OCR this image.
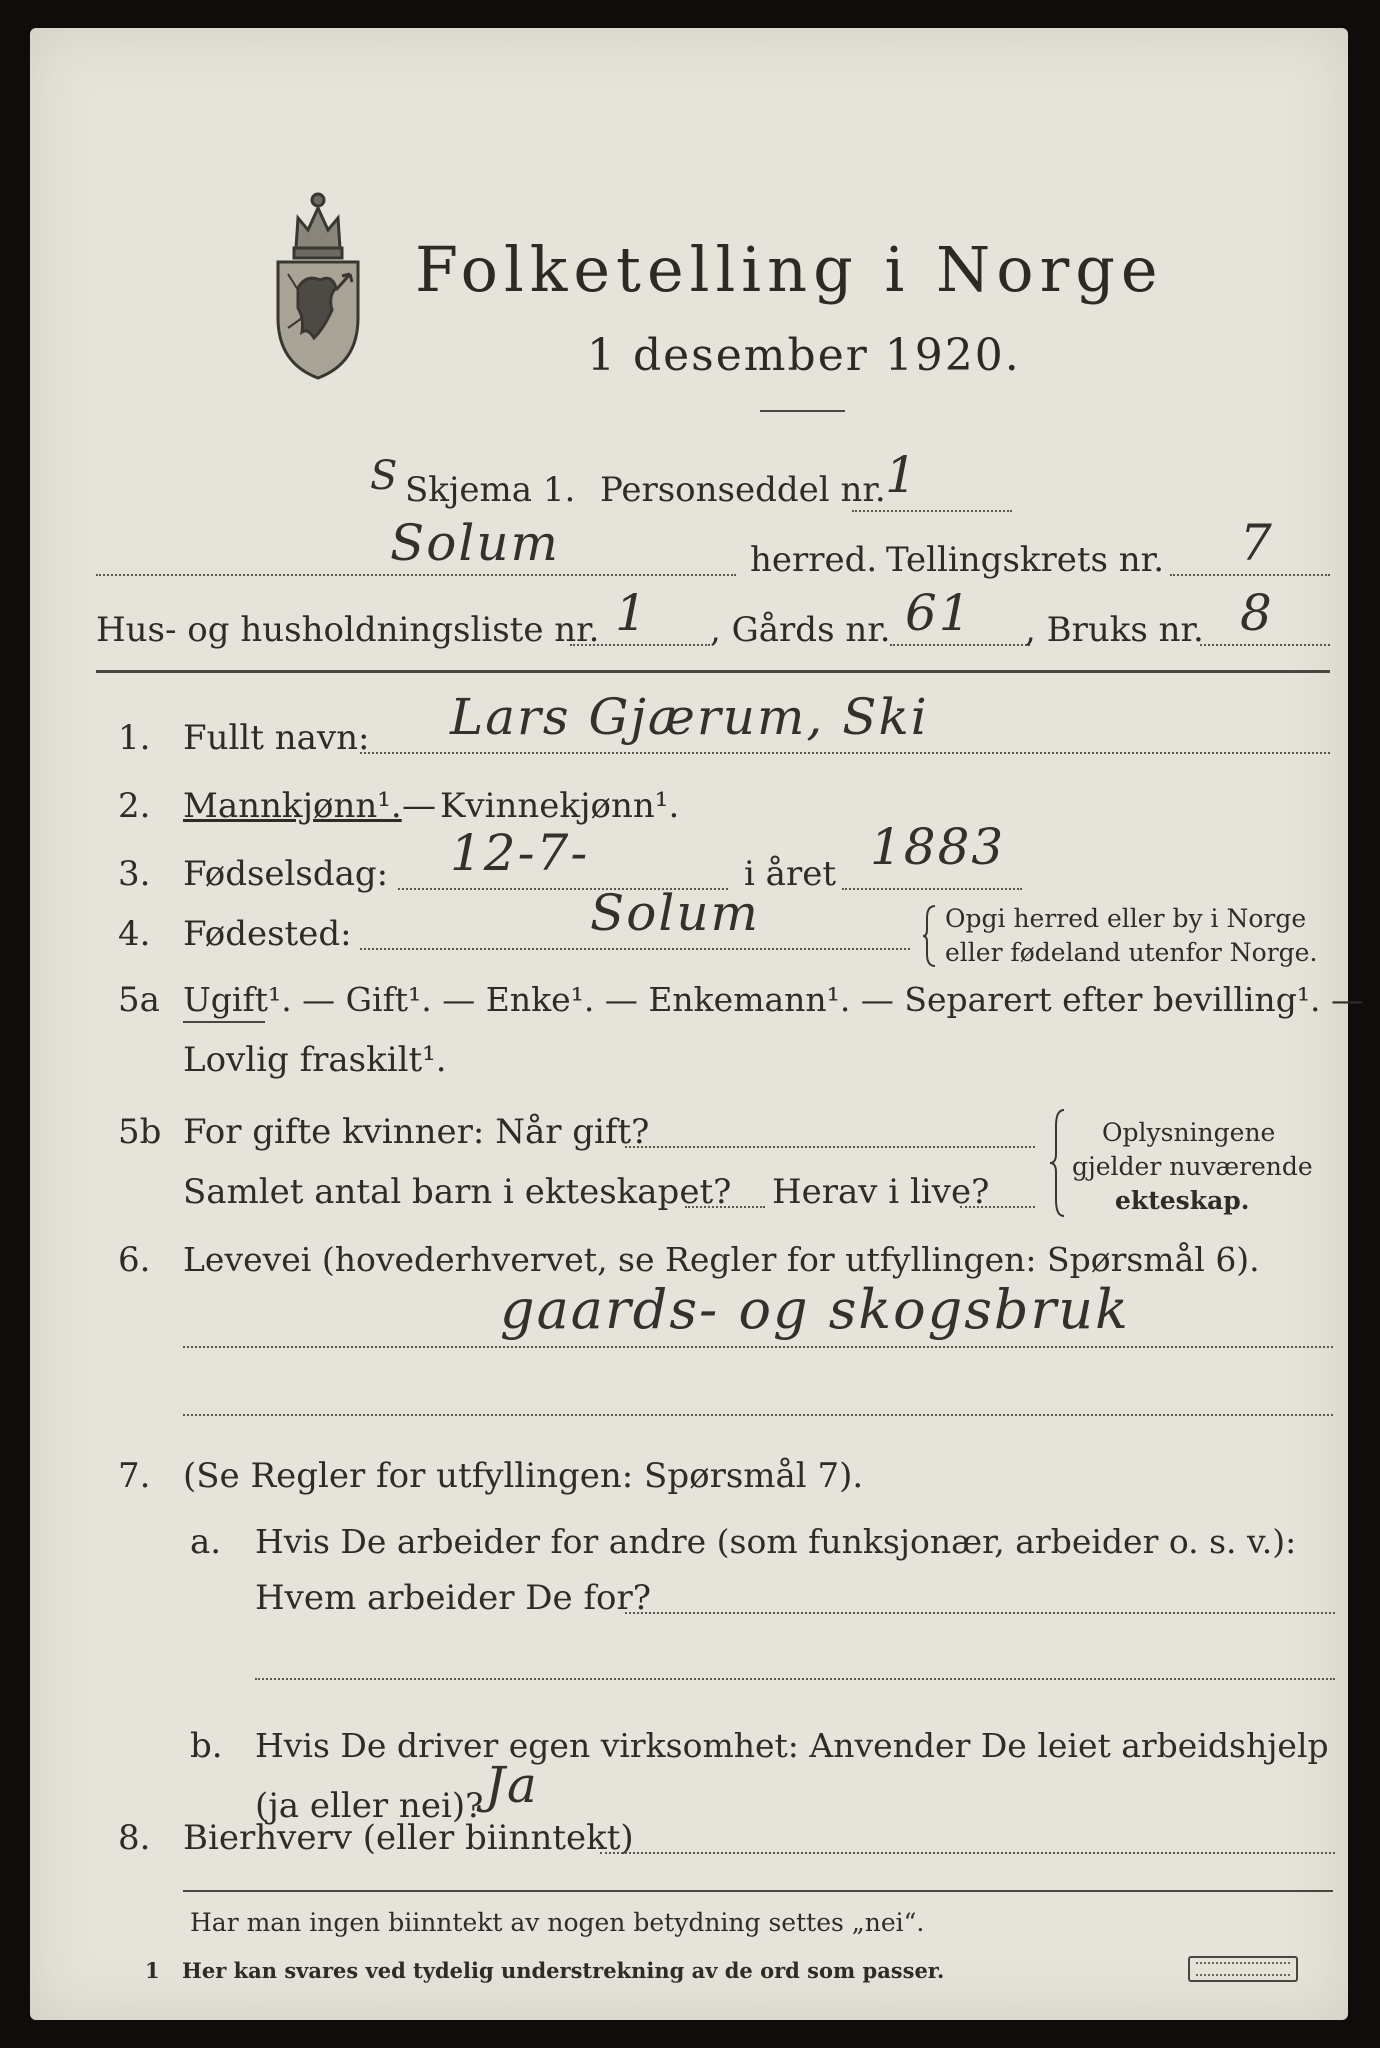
Folketelling i Norge
1 desember 1920.
S Skjema 1. Personseddel nr. 1
Solum	herred. Tellingskrets nr. 7
Hus- og husholdningsliste nr. 1 , Gårds nr. 61 , Bruks nr. 8
1. Fullt navn: Lars Gjærum, Ski
2. Mannkjønn¹. — Kvinnekjønn¹.
3. Fødselsdag: 12-7-	i året 1883
4. Fødested:	Solum	Opgi herred eller by i Norge
eller fødeland utenfor Norge.
5a Ugift¹. — Gift¹. — Enke¹. — Enkemann¹. — Separert efter bevilling¹. —
Lovlig fraskilt¹.
5b For gifte kvinner: Når gift?
Samlet antal barn i ekteskapet? Herav i live?
Oplysningene
gjelder nuværende
ekteskap.
6. Levevei (hovederhvervet, se Regler for utfyllingen: Spørsmål 6).
gaards- og skogsbruk
7. (Se Regler for utfyllingen: Spørsmål 7).
a. Hvis De arbeider for andre (som funksjonær, arbeider o. s. v.):
Hvem arbeider De for?
b. Hvis De driver egen virksomhet: Anvender De leiet arbeidshjelp
(ja eller nei)? Ja
8. Bierhverv (eller biinntekt)
Har man ingen biinntekt av nogen betydning settes „nei“.
1 Her kan svares ved tydelig understrekning av de ord som passer.
